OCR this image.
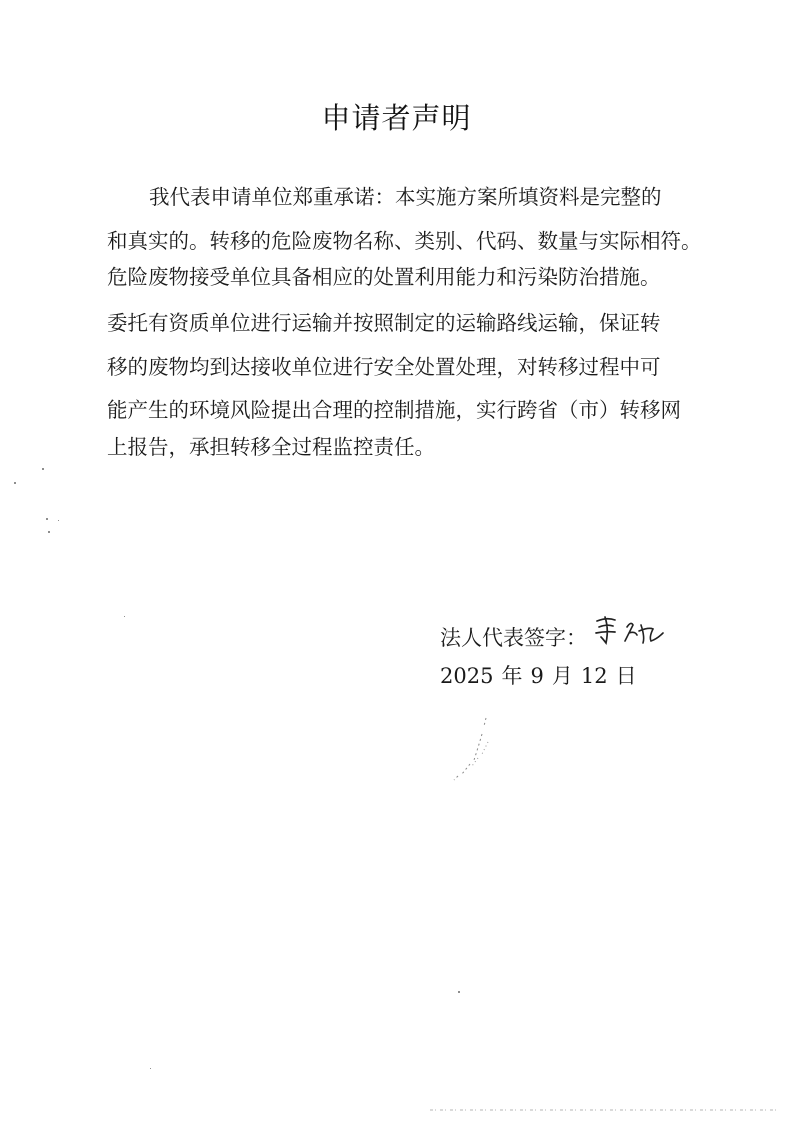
申请者声明
我代表申请单位郑重承诺：本实施方案所填资料是完整的
和真实的。转移的危险废物名称、类别、代码、数量与实际相符。
危险废物接受单位具备相应的处置利用能力和污染防治措施。
委托有资质单位进行运输并按照制定的运输路线运输，保证转
移的废物均到达接收单位进行安全处置处理，对转移过程中可
能产生的环境风险提出合理的控制措施，实行跨省（市）转移网
上报告，承担转移全过程监控责任。
法人代表签字：
2025 年 9 月 12 日
